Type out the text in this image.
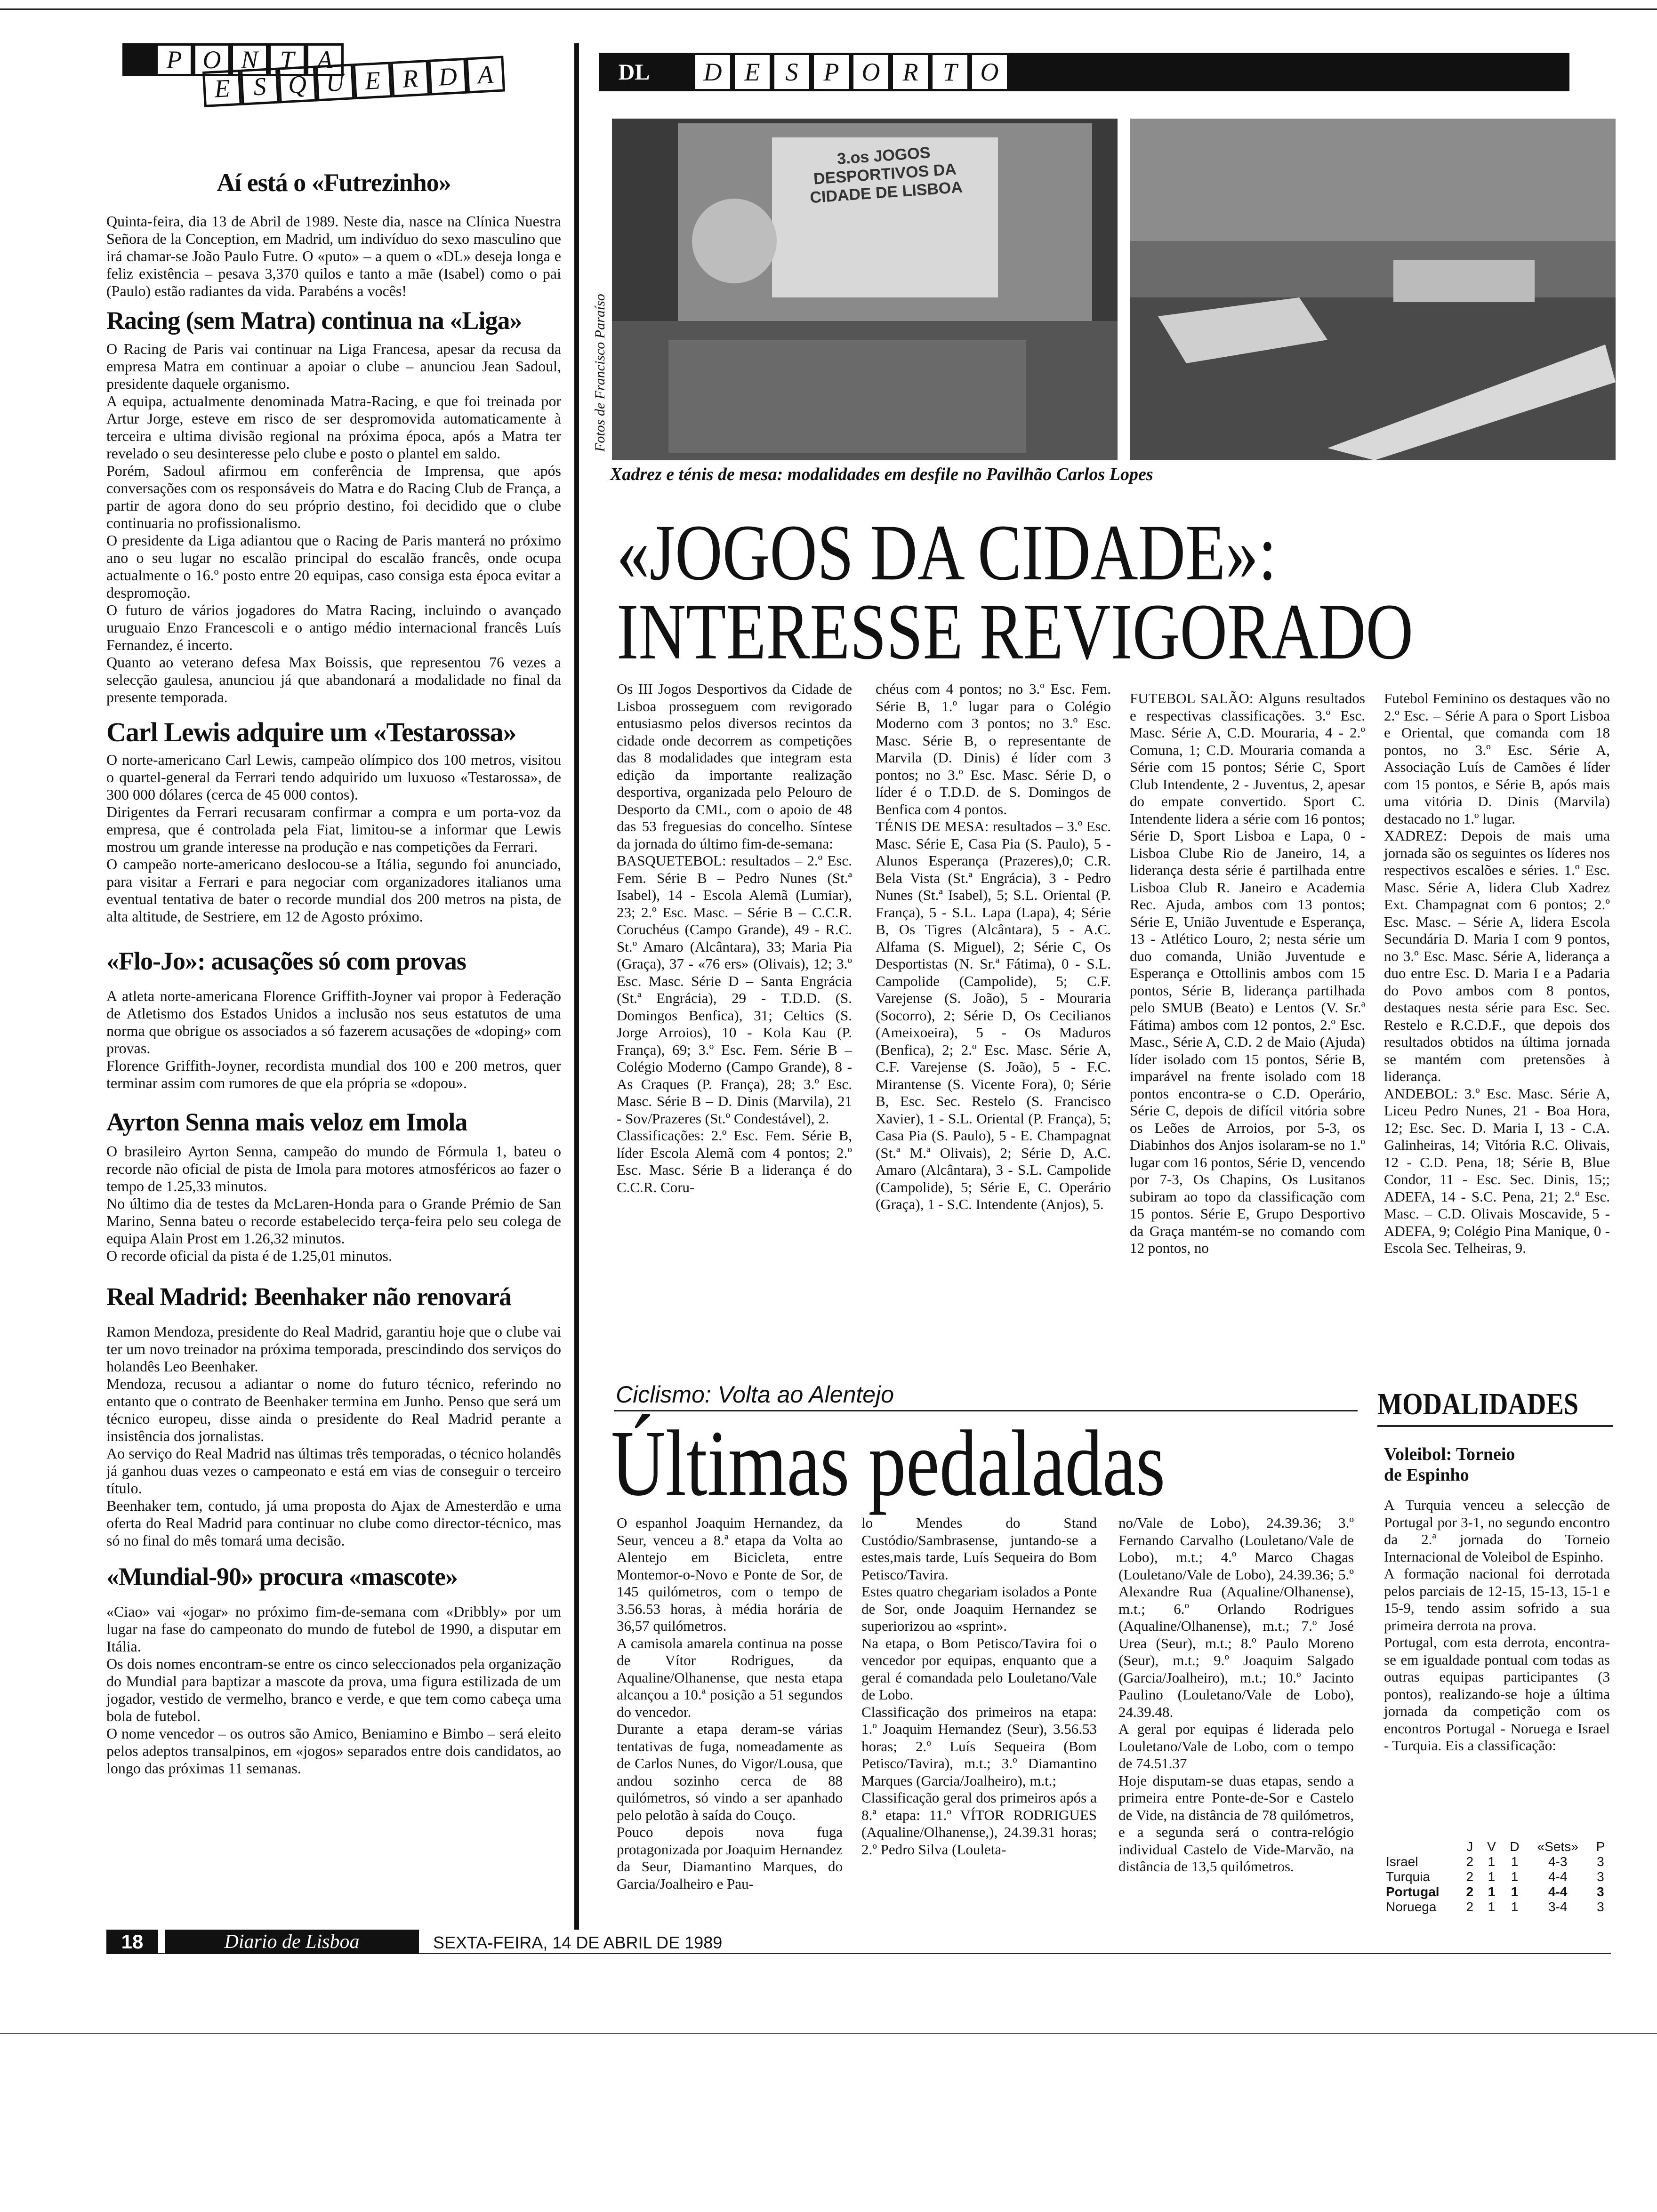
P O N T A
E S Q U E R D A	DL	D E	S	P O R T O
Aí está o «Futrezinho»
Quinta-feira, dia 13 de Abril de 1989. Neste dia, nasce na Clínica Nuestra Señora de la Conception, em Madrid, um indivíduo do sexo masculino que irá chamar-se João Paulo Futre. O «puto» – a quem o «DL» deseja longa e feliz existência – pesava 3,370 quilos e tanto a mãe (Isabel) como o pai (Paulo) estão radiantes da vida. Parabéns a vocês!
Racing (sem Matra) continua na «Liga»
O Racing de Paris vai continuar na Liga Francesa, apesar da recusa da empresa Matra em continuar a apoiar o clube – anunciou Jean Sadoul, presidente daquele organismo.
A equipa, actualmente denominada Matra-Racing, e que foi treinada por Artur Jorge, esteve em risco de ser despromovida automaticamente à terceira e ultima divisão regional na próxima época, após a Matra ter revelado o seu desinteresse pelo clube e posto o plantel em saldo.
Porém, Sadoul afirmou em conferência de Imprensa, que após conversações com os responsáveis do Matra e do Racing Club de França, a partir de agora dono do seu próprio destino, foi decidido que o clube continuaria no profissionalismo.
O presidente da Liga adiantou que o Racing de Paris manterá no próximo ano o seu lugar no escalão principal do escalão francês, onde ocupa actualmente o 16.º posto entre 20 equipas, caso consiga esta época evitar a despromoção.
O futuro de vários jogadores do Matra Racing, incluindo o avançado uruguaio Enzo Francescoli e o antigo médio internacional francês Luís Fernandez, é incerto.
Quanto ao veterano defesa Max Boissis, que representou 76 vezes a selecção gaulesa, anunciou já que abandonará a modalidade no final da presente temporada.
Carl Lewis adquire um «Testarossa»
O norte-americano Carl Lewis, campeão olímpico dos 100 metros, visitou o quartel-general da Ferrari tendo adquirido um luxuoso «Testarossa», de 300 000 dólares (cerca de 45 000 contos).
Dirigentes da Ferrari recusaram confirmar a compra e um porta-voz da empresa, que é controlada pela Fiat, limitou-se a informar que Lewis mostrou um grande interesse na produção e nas competições da Ferrari.
O campeão norte-americano deslocou-se a Itália, segundo foi anunciado, para visitar a Ferrari e para negociar com organizadores italianos uma eventual tentativa de bater o recorde mundial dos 200 metros na pista, de alta altitude, de Sestriere, em 12 de Agosto próximo.
«Flo-Jo»: acusações só com provas
A atleta norte-americana Florence Griffith-Joyner vai propor à Federação de Atletismo dos Estados Unidos a inclusão nos seus estatutos de uma norma que obrigue os associados a só fazerem acusações de «doping» com provas.
Florence Griffith-Joyner, recordista mundial dos 100 e 200 metros, quer terminar assim com rumores de que ela própria se «dopou».
Ayrton Senna mais veloz em Imola
O brasileiro Ayrton Senna, campeão do mundo de Fórmula 1, bateu o recorde não oficial de pista de Imola para motores atmosféricos ao fazer o tempo de 1.25,33 minutos.
No último dia de testes da McLaren-Honda para o Grande Prémio de San Marino, Senna bateu o recorde estabelecido terça-feira pelo seu colega de equipa Alain Prost em 1.26,32 minutos.
O recorde oficial da pista é de 1.25,01 minutos.
Real Madrid: Beenhaker não renovará
Ramon Mendoza, presidente do Real Madrid, garantiu hoje que o clube vai ter um novo treinador na próxima temporada, prescindindo dos serviços do holandês Leo Beenhaker.
Mendoza, recusou a adiantar o nome do futuro técnico, referindo no entanto que o contrato de Beenhaker termina em Junho. Penso que será um técnico europeu, disse ainda o presidente do Real Madrid perante a insistência dos jornalistas.
Ao serviço do Real Madrid nas últimas três temporadas, o técnico holandês já ganhou duas vezes o campeonato e está em vias de conseguir o terceiro título.
Beenhaker tem, contudo, já uma proposta do Ajax de Amesterdão e uma oferta do Real Madrid para continuar no clube como director-técnico, mas só no final do mês tomará uma decisão.
«Mundial-90» procura «mascote»
«Ciao» vai «jogar» no próximo fim-de-semana com «Dribbly» por um lugar na fase do campeonato do mundo de futebol de 1990, a disputar em Itália.
Os dois nomes encontram-se entre os cinco seleccionados pela organização do Mundial para baptizar a mascote da prova, uma figura estilizada de um jogador, vestido de vermelho, branco e verde, e que tem como cabeça uma bola de futebol.
O nome vencedor – os outros são Amico, Beniamino e Bimbo – será eleito pelos adeptos transalpinos, em «jogos» separados entre dois candidatos, ao longo das próximas 11 semanas.
3.os JOGOS DESPORTIVOS DA CIDADE DE LISBOA
Fotos de Francisco Paraíso
Xadrez e ténis de mesa: modalidades em desfile no Pavilhão Carlos Lopes
«JOGOS DA CIDADE»:
INTERESSE REVIGORADO
Os III Jogos Desportivos da Cidade de Lisboa prosseguem com revigorado entusiasmo pelos diversos recintos da cidade onde decorrem as competições das 8 modalidades que integram esta edição da importante realização desportiva, organizada pelo Pelouro de Desporto da CML, com o apoio de 48 das 53 freguesias do concelho. Síntese da jornada do último fim-de-semana:
BASQUETEBOL: resultados – 2.º Esc. Fem. Série B – Pedro Nunes (St.ª Isabel), 14 - Escola Alemã (Lumiar), 23; 2.º Esc. Masc. – Série B – C.C.R. Coruchéus (Campo Grande), 49 - R.C. St.º Amaro (Alcântara), 33; Maria Pia (Graça), 37 - «76 ers» (Olivais), 12; 3.º Esc. Masc. Série D – Santa Engrácia (St.ª Engrácia), 29 - T.D.D. (S. Domingos Benfica), 31; Celtics (S. Jorge Arroios), 10 - Kola Kau (P. França), 69; 3.º Esc. Fem. Série B – Colégio Moderno (Campo Grande), 8 - As Craques (P. França), 28; 3.º Esc. Masc. Série B – D. Dinis (Marvila), 21 - Sov/Prazeres (St.º Condestável), 2.
Classificações: 2.º Esc. Fem. Série B, líder Escola Alemã com 4 pontos; 2.º Esc. Masc. Série B a liderança é do C.C.R. Coru-
chéus com 4 pontos; no 3.º Esc. Fem. Série B, 1.º lugar para o Colégio Moderno com 3 pontos; no 3.º Esc. Masc. Série B, o representante de Marvila (D. Dinis) é líder com 3 pontos; no 3.º Esc. Masc. Série D, o líder é o T.D.D. de S. Domingos de Benfica com 4 pontos.
TÉNIS DE MESA: resultados – 3.º Esc. Masc. Série E, Casa Pia (S. Paulo), 5 - Alunos Esperança (Prazeres),0; C.R. Bela Vista (St.ª Engrácia), 3 - Pedro Nunes (St.ª Isabel), 5; S.L. Oriental (P. França), 5 - S.L. Lapa (Lapa), 4; Série B, Os Tigres (Alcântara), 5 - A.C. Alfama (S. Miguel), 2; Série C, Os Desportistas (N. Sr.ª Fátima), 0 - S.L. Campolide (Campolide), 5; C.F. Varejense (S. João), 5 - Mouraria (Socorro), 2; Série D, Os Cecilianos (Ameixoeira), 5 - Os Maduros (Benfica), 2; 2.º Esc. Masc. Série A, C.F. Varejense (S. João), 5 - F.C. Mirantense (S. Vicente Fora), 0; Série B, Esc. Sec. Restelo (S. Francisco Xavier), 1 - S.L. Oriental (P. França), 5; Casa Pia (S. Paulo), 5 - E. Champagnat (St.ª M.ª Olivais), 2; Série D, A.C. Amaro (Alcântara), 3 - S.L. Campolide (Campolide), 5; Série E, C. Operário (Graça), 1 - S.C. Intendente (Anjos), 5.
FUTEBOL SALÃO: Alguns resultados e respectivas classificações. 3.º Esc. Masc. Série A, C.D. Mouraria, 4 - 2.º Comuna, 1; C.D. Mouraria comanda a Série com 15 pontos; Série C, Sport Club Intendente, 2 - Juventus, 2, apesar do empate convertido. Sport C. Intendente lidera a série com 16 pontos; Série D, Sport Lisboa e Lapa, 0 - Lisboa Clube Rio de Janeiro, 14, a liderança desta série é partilhada entre Lisboa Club R. Janeiro e Academia Rec. Ajuda, ambos com 13 pontos; Série E, União Juventude e Esperança, 13 - Atlético Louro, 2; nesta série um duo comanda, União Juventude e Esperança e Ottollinis ambos com 15 pontos, Série B, liderança partilhada pelo SMUB (Beato) e Lentos (V. Sr.ª Fátima) ambos com 12 pontos, 2.º Esc. Masc., Série A, C.D. 2 de Maio (Ajuda) líder isolado com 15 pontos, Série B, imparável na frente isolado com 18 pontos encontra-se o C.D. Operário, Série C, depois de difícil vitória sobre os Leões de Arroios, por 5-3, os Diabinhos dos Anjos isolaram-se no 1.º lugar com 16 pontos, Série D, vencendo por 7-3, Os Chapins, Os Lusitanos subiram ao topo da classificação com 15 pontos. Série E, Grupo Desportivo da Graça mantém-se no comando com 12 pontos, no
Futebol Feminino os destaques vão no 2.º Esc. – Série A para o Sport Lisboa e Oriental, que comanda com 18 pontos, no 3.º Esc. Série A, Associação Luís de Camões é líder com 15 pontos, e Série B, após mais uma vitória D. Dinis (Marvila) destacado no 1.º lugar.
XADREZ: Depois de mais uma jornada são os seguintes os líderes nos respectivos escalões e séries. 1.º Esc. Masc. Série A, lidera Club Xadrez Ext. Champagnat com 6 pontos; 2.º Esc. Masc. – Série A, lidera Escola Secundária D. Maria I com 9 pontos, no 3.º Esc. Masc. Série A, liderança a duo entre Esc. D. Maria I e a Padaria do Povo ambos com 8 pontos, destaques nesta série para Esc. Sec. Restelo e R.C.D.F., que depois dos resultados obtidos na última jornada se mantém com pretensões à liderança.
ANDEBOL: 3.º Esc. Masc. Série A, Liceu Pedro Nunes, 21 - Boa Hora, 12; Esc. Sec. D. Maria I, 13 - C.A. Galinheiras, 14; Vitória R.C. Olivais, 12 - C.D. Pena, 18; Série B, Blue Condor, 11 - Esc. Sec. Dinis, 15;; ADEFA, 14 - S.C. Pena, 21; 2.º Esc. Masc. – C.D. Olivais Moscavide, 5 - ADEFA, 9; Colégio Pina Manique, 0 - Escola Sec. Telheiras, 9.
Ciclismo: Volta ao Alentejo
Últimas pedaladas
O espanhol Joaquim Hernandez, da Seur, venceu a 8.ª etapa da Volta ao Alentejo em Bicicleta, entre Montemor-o-Novo e Ponte de Sor, de 145 quilómetros, com o tempo de 3.56.53 horas, à média horária de 36,57 quilómetros.
A camisola amarela continua na posse de Vítor Rodrigues, da Aqualine/Olhanense, que nesta etapa alcançou a 10.ª posição a 51 segundos do vencedor.
Durante a etapa deram-se várias tentativas de fuga, nomeadamente as de Carlos Nunes, do Vigor/Lousa, que andou sozinho cerca de 88 quilómetros, só vindo a ser apanhado pelo pelotão à saída do Couço.
Pouco depois nova fuga protagonizada por Joaquim Hernandez da Seur, Diamantino Marques, do Garcia/Joalheiro e Pau-
lo Mendes do Stand Custódio/Sambrasense, juntando-se a estes,mais tarde, Luís Sequeira do Bom Petisco/Tavira.
Estes quatro chegariam isolados a Ponte de Sor, onde Joaquim Hernandez se superiorizou ao «sprint».
Na etapa, o Bom Petisco/Tavira foi o vencedor por equipas, enquanto que a geral é comandada pelo Louletano/Vale de Lobo.
Classificação dos primeiros na etapa: 1.º Joaquim Hernandez (Seur), 3.56.53 horas; 2.º Luís Sequeira (Bom Petisco/Tavira), m.t.; 3.º Diamantino Marques (Garcia/Joalheiro), m.t.;
Classificação geral dos primeiros após a 8.ª etapa: 11.º VÍTOR RODRIGUES (Aqualine/Olhanense,), 24.39.31 horas; 2.º Pedro Silva (Louleta-
no/Vale de Lobo), 24.39.36; 3.º Fernando Carvalho (Louletano/Vale de Lobo), m.t.; 4.º Marco Chagas (Louletano/Vale de Lobo), 24.39.36; 5.º Alexandre Rua (Aqualine/Olhanense), m.t.; 6.º Orlando Rodrigues (Aqualine/Olhanense), m.t.; 7.º José Urea (Seur), m.t.; 8.º Paulo Moreno (Seur), m.t.; 9.º Joaquim Salgado (Garcia/Joalheiro), m.t.; 10.º Jacinto Paulino (Louletano/Vale de Lobo), 24.39.48.
A geral por equipas é liderada pelo Louletano/Vale de Lobo, com o tempo de 74.51.37
Hoje disputam-se duas etapas, sendo a primeira entre Ponte-de-Sor e Castelo de Vide, na distância de 78 quilómetros, e a segunda será o contra-relógio individual Castelo de Vide-Marvão, na distância de 13,5 quilómetros.
MODALIDADES
Voleibol: Torneio de Espinho
A Turquia venceu a selecção de Portugal por 3-1, no segundo encontro da 2.ª jornada do Torneio Internacional de Voleibol de Espinho.
A formação nacional foi derrotada pelos parciais de 12-15, 15-13, 15-1 e 15-9, tendo assim sofrido a sua primeira derrota na prova.
Portugal, com esta derrota, encontra-se em igualdade pontual com todas as outras equipas participantes (3 pontos), realizando-se hoje a última jornada da competição com os encontros Portugal - Noruega e Israel - Turquia. Eis a classificação:
	J	V	D	«Sets»	P
Israel	2	1	1	4-3	3
Turquia	2	1	1	4-4	3
Portugal	2	1	1	4-4	3
Noruega	2	1	1	3-4	3
18	Diario de Lisboa	SEXTA-FEIRA, 14 DE ABRIL DE 1989
